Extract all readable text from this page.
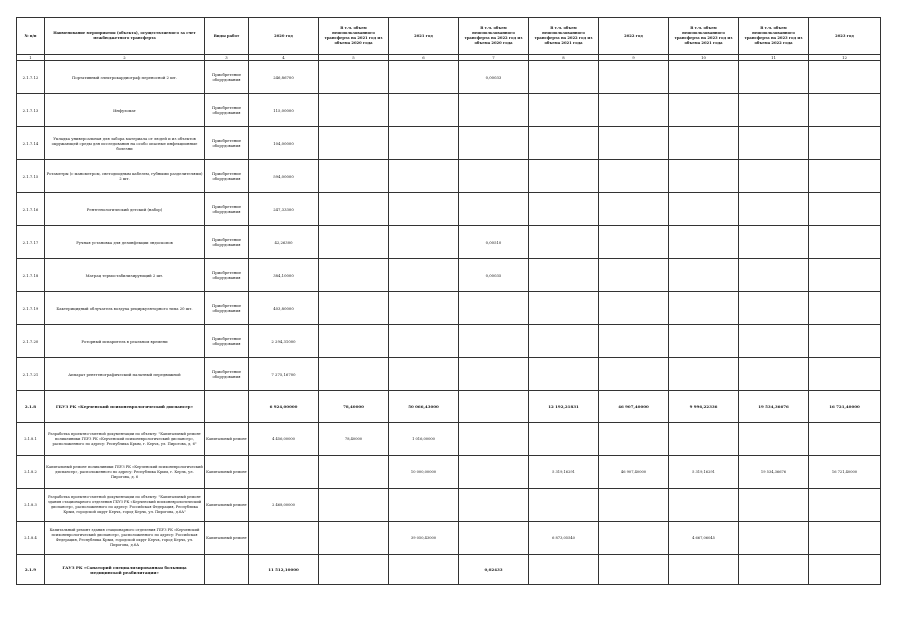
№ п/п	Наименование мероприятия (объекта), осуществляемого за счет межбюджетного трансферта	Виды работ	2020 год	В т.ч. объем неиспользованного трансферта на 2021 год из объема 2020 года	2021 год	В т.ч. объем неиспользованного трансферта на 2022 год из объема 2020 года	В т.ч. объем неиспользованного трансферта на 2022 год из объема 2021 года	2022 год	В т.ч. объем неиспользованного трансферта на 2023 год из объема 2021 года	В т.ч. объем неиспользованного трансферта на 2023 год из объема 2022 года	2023 год
1	2	3	4	5	6	7	8	9	10	11	12
2.1.7.12	Портативный электрокардиограф переносной 2 шт.	Приобретение оборудования	246,86700			0,00033					
2.1.7.13	Инфузомат	Приобретение оборудования	115,00000								
2.1.7.14	Укладка универсальная для забора материала от людей и из объектов окружающей среды для исследования на особо опасные инфекционные болезни	Приобретение оборудования	104,00000								
2.1.7.15	Ротаметры (с манометром, светодиодным кабелем, губными разделителями) 2 шт.	Приобретение оборудования	594,00000								
2.1.7.16	Рентгенологический детский (набор)	Приобретение оборудования	247,33300								
2.1.7.17	Ручная установка для дезинфекции эндоскопов	Приобретение оборудования	42,26300			0,00510					
2.1.7.18	Матрац термостабилизирующий 2 шт.	Приобретение оборудования	384,10000			0,00035					
2.1.7.19	Бактерицидный облучатель воздуха рециркуляторного типа 20 шт.	Приобретение оборудования	403,80000								
2.1.7.20	Роторный испаритель в реальном времени	Приобретение оборудования	2 294,31000								
2.1.7.21	Аппарат рентгенографический палатный передвижной	Приобретение оборудования	7 275,16700								
2.1.8	ГБУЗ РК «Керченский психоневрологический диспансер»		6 924,00000	78,40000	50 066,43000		12 192,21831	46 907,40000	9 996,22336	19 534,36676	16 721,40000
2.1.8.1	Разработка проектно-сметной документации по объекту: "Капитальный ремонт поликлиники ГБУЗ РК «Керченский психоневрологический диспансер», расположенного по адресу: Республика Крым, г. Керчь, ул. Пирогова, д. 6"	Капитальный ремонт	4 456,00000	78,40000	1 016,00000						
2.1.8.2	Капитальный ремонт поликлиники ГБУЗ РК «Керченский психоневрологический диспансер», расположенного по адресу: Республика Крым, г. Керчь, ул. Пирогова, д. 6	Капитальный ремонт			10 000,00000		5 319,16291	46 907,40000	5 319,16291	19 534,36676	16 721,40000
2.1.8.3	Разработка проектно-сметной документации по объекту: "Капитальный ремонт здания стационарного отделения ГБУЗ РК «Керченский психоневрологический диспансер», расположенного по адресу: Российская Федерация, Республика Крым, городской округ Керчь, город Керчь, ул. Пирогова, д.6А"	Капитальный ремонт	2 468,00000								
2.1.8.4	Капитальный ремонт здания стационарного отделения ГБУЗ РК «Керченский психоневрологический диспансер», расположенного по адресу: Российская Федерация, Республика Крым, городской округ Керчь, город Керчь, ул. Пирогова, д.6А	Капитальный ремонт			39 050,43000		6 873,05540		4 667,06045		
2.1.9	ГАУЗ РК «Санаторий специализированная больница медицинской реабилитации»		11 512,10000			0,02433					
